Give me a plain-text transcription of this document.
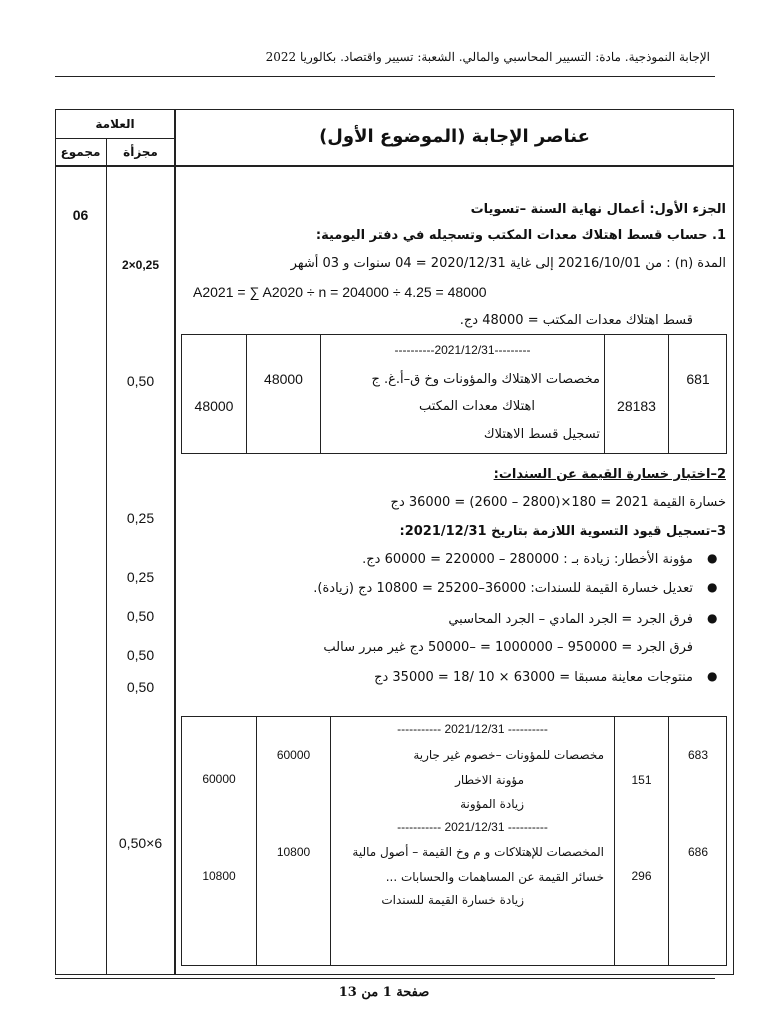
الإجابة النموذجية. مادة: التسيير المحاسبي والمالي. الشعبة: تسيير واقتصاد. بكالوريا 2022
العلامة
مجزأة
مجموع
عناصر الإجابة (الموضوع الأول)
06
2×0,25
0,50
0,25
0,25
0,50
0,50
0,50
0,50×6
الجزء الأول: أعمال نهاية السنة –تسويات
1. حساب قسط اهتلاك معدات المكتب وتسجيله في دفتر اليومية:
المدة (n) : من 20216/10/01 إلى غاية 2020/12/31 = 04 سنوات و 03 أشهر
A2021 = ∑ A2020 ÷ n = 204000 ÷ 4.25 = 48000
قسط اهتلاك معدات المكتب = 48000 دج.
----------2021/12/31---------
مخصصات الاهتلاك والمؤونات وخ ق–أ.غ. ج
اهتلاك معدات المكتب
تسجيل قسط الاهتلاك
681
28183
48000
48000
2–اختبار خسارة القيمة عن السندات:
خسارة القيمة 2021 = 180×(2800 – 2600) = 36000 دج
3–تسجيل قيود التسوية اللازمة بتاريخ 2021/12/31:
●
مؤونة الأخطار: زيادة بـ : 280000 – 220000 = 60000 دج.
●
تعديل خسارة القيمة للسندات: 36000–25200 = 10800 دج (زيادة).
●
فرق الجرد = الجرد المادي – الجرد المحاسبي
فرق الجرد = 950000 – 1000000 = –50000 دج غير مبرر سالب
●
منتوجات معاينة مسبقا = 63000 × 10 /18 = 35000 دج
----------- 2021/12/31 ----------
مخصصات للمؤونات –خصوم غير جارية
مؤونة الاخطار
زيادة المؤونة
683
151
60000
60000
----------- 2021/12/31 ----------
المخصصات للإهتلاكات و م وخ القيمة – أصول مالية
خسائر القيمة عن المساهمات والحسابات ...
زيادة خسارة القيمة للسندات
686
296
10800
10800
صفحة 1 من 13
